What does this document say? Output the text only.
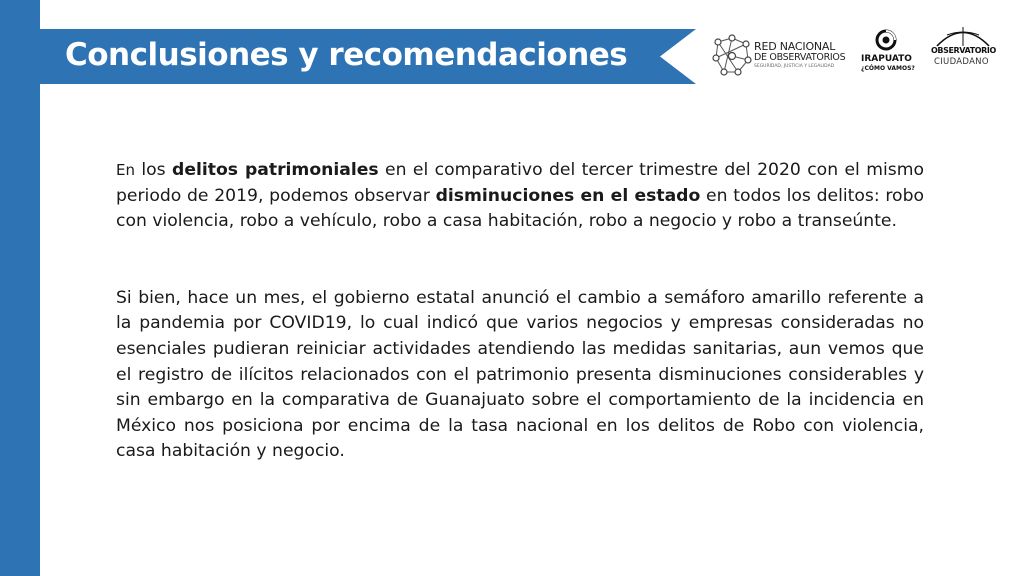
Conclusiones y recomendaciones	RED NACIONAL
DE OBSERVATORIOS
SEGURIDAD, JUSTICIA Y LEGALIDAD
IRAPUATO
¿CÓMO VAMOS?
OBSERVATORIO
CIUDADANO

En los delitos patrimoniales en el comparativo del tercer trimestre del 2020 con el mismo periodo de 2019, podemos observar disminuciones en el estado en todos los delitos: robo con violencia, robo a vehículo, robo a casa habitación, robo a negocio y robo a transeúnte.

Si bien, hace un mes, el gobierno estatal anunció el cambio a semáforo amarillo referente a la pandemia por COVID19, lo cual indicó que varios negocios y empresas consideradas no esenciales pudieran reiniciar actividades atendiendo las medidas sanitarias, aun vemos que el registro de ilícitos relacionados con el patrimonio presenta disminuciones considerables y sin embargo en la comparativa de Guanajuato sobre el comportamiento de la incidencia en México nos posiciona por encima de la tasa nacional en los delitos de Robo con violencia, casa habitación y negocio.
